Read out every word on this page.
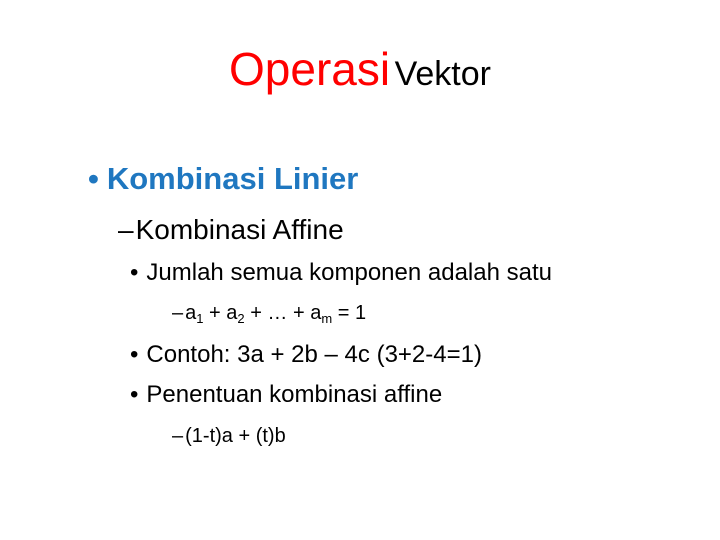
Operasi Vektor
• Kombinasi Linier
–Kombinasi Affine
• Jumlah semua komponen adalah satu
– $a_1 + a_2$ + … + $a_m = 1$
• Contoh: 3a + 2b – 4c (3+2-4=1)
• Penentuan kombinasi affine
– (1-t)a + (t)b
